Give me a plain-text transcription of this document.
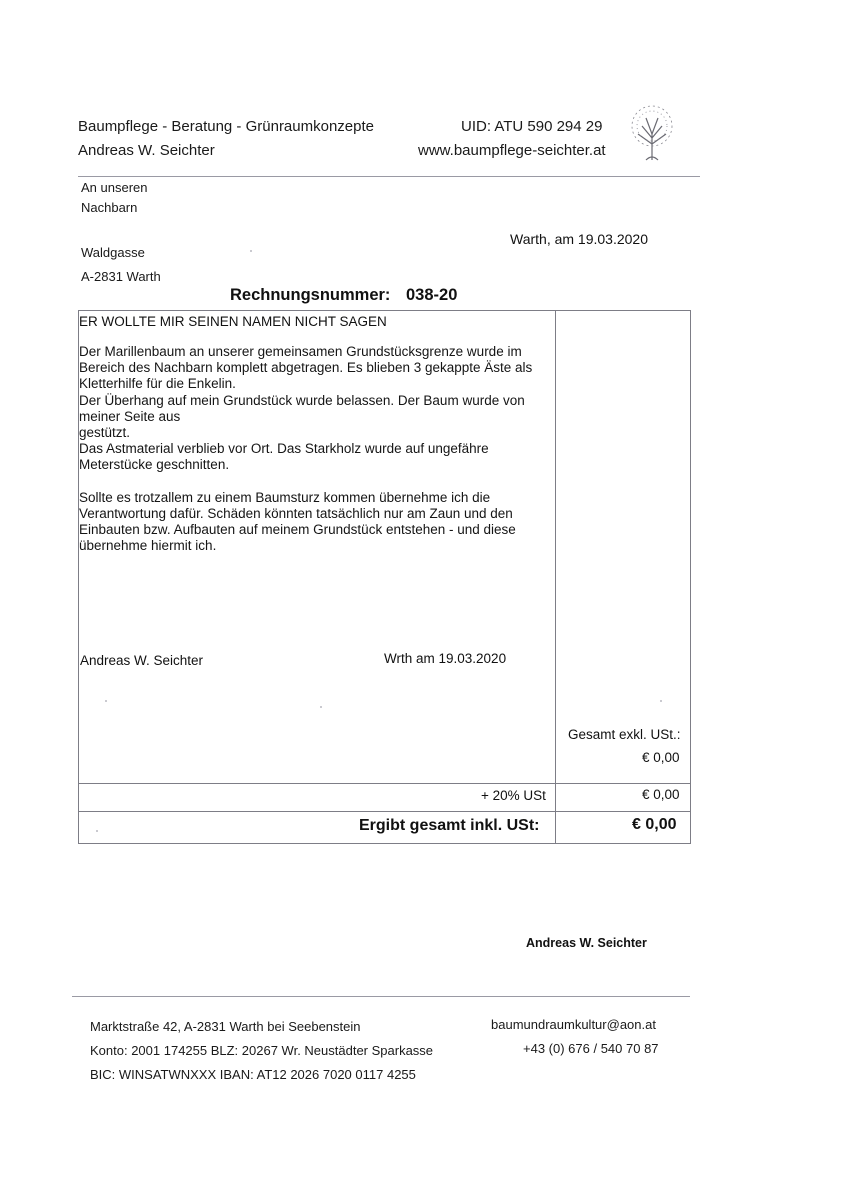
Baumpflege - Beratung - Grünraumkonzepte
Andreas W. Seichter
UID: ATU 590 294 29
www.baumpflege-seichter.at
An unseren
Nachbarn
Waldgasse
A-2831 Warth
Warth, am 19.03.2020
Rechnungsnummer: 038-20
ER WOLLTE MIR SEINEN NAMEN NICHT SAGEN

Der Marillenbaum an unserer gemeinsamen Grundstücksgrenze wurde im Bereich des Nachbarn komplett abgetragen. Es blieben 3 gekappte Äste als Kletterhilfe für die Enkelin.

Der Überhang auf mein Grundstück wurde belassen. Der Baum wurde von meiner Seite aus

gestützt.

Das Astmaterial verblieb vor Ort. Das Starkholz wurde auf ungefähre Meterstücke geschnitten.

Sollte es trotzallem zu einem Baumsturz kommen übernehme ich die Verantwortung dafür. Schäden könnten tatsächlich nur am Zaun und den Einbauten bzw. Aufbauten auf meinem Grundstück entstehen - und diese übernehme hiermit ich.

Andreas W. Seichter	Wrth am 19.03.2020
Gesamt exkl. USt.:
€ 0,00
+ 20% USt	€ 0,00
Ergibt gesamt inkl. USt:	€ 0,00
Andreas W. Seichter
Marktstraße 42, A-2831 Warth bei Seebenstein
Konto: 2001 174255 BLZ: 20267 Wr. Neustädter Sparkasse
BIC: WINSATWNXXX IBAN: AT12 2026 7020 0117 4255
baumundraumkultur@aon.at
+43 (0) 676 / 540 70 87
